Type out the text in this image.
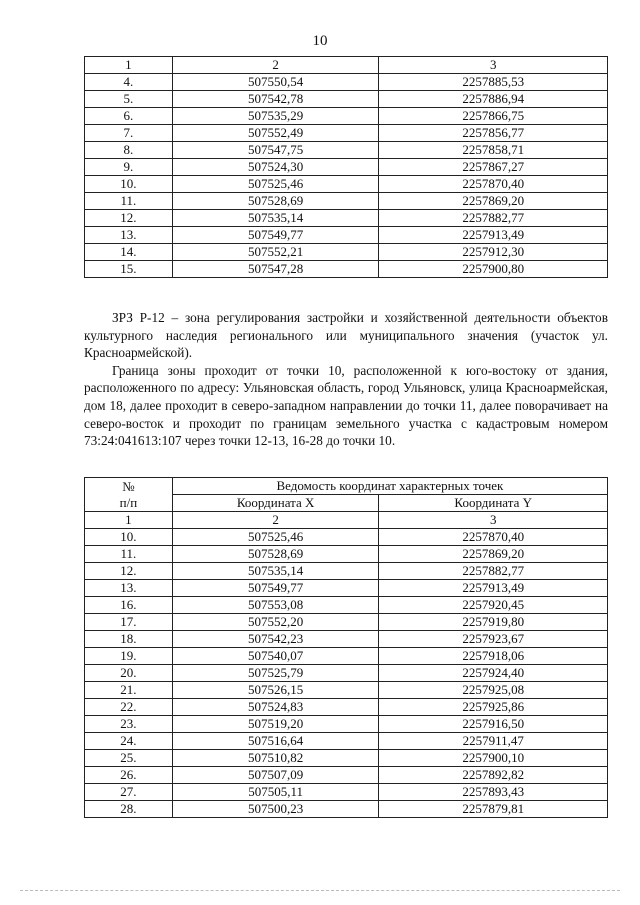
10
1	2	3
4.	507550,54	2257885,53
5.	507542,78	2257886,94
6.	507535,29	2257866,75
7.	507552,49	2257856,77
8.	507547,75	2257858,71
9.	507524,30	2257867,27
10.	507525,46	2257870,40
11.	507528,69	2257869,20
12.	507535,14	2257882,77
13.	507549,77	2257913,49
14.	507552,21	2257912,30
15.	507547,28	2257900,80

ЗРЗ Р-12 – зона регулирования застройки и хозяйственной деятельности объектов культурного наследия регионального или муниципального значения (участок ул. Красноармейской).

Граница зоны проходит от точки 10, расположенной к юго-востоку от здания, расположенного по адресу: Ульяновская область, город Ульяновск, улица Красноармейская, дом 18, далее проходит в северо-западном направлении до точки 11, далее поворачивает на северо-восток и проходит по границам земельного участка с кадастровым номером 73:24:041613:107 через точки 12-13, 16-28 до точки 10.

№
п/п	Ведомость координат характерных точек	
	Координата X	Координата Y
1	2	3
10.	507525,46	2257870,40
11.	507528,69	2257869,20
12.	507535,14	2257882,77
13.	507549,77	2257913,49
16.	507553,08	2257920,45
17.	507552,20	2257919,80
18.	507542,23	2257923,67
19.	507540,07	2257918,06
20.	507525,79	2257924,40
21.	507526,15	2257925,08
22.	507524,83	2257925,86
23.	507519,20	2257916,50
24.	507516,64	2257911,47
25.	507510,82	2257900,10
26.	507507,09	2257892,82
27.	507505,11	2257893,43
28.	507500,23	2257879,81
